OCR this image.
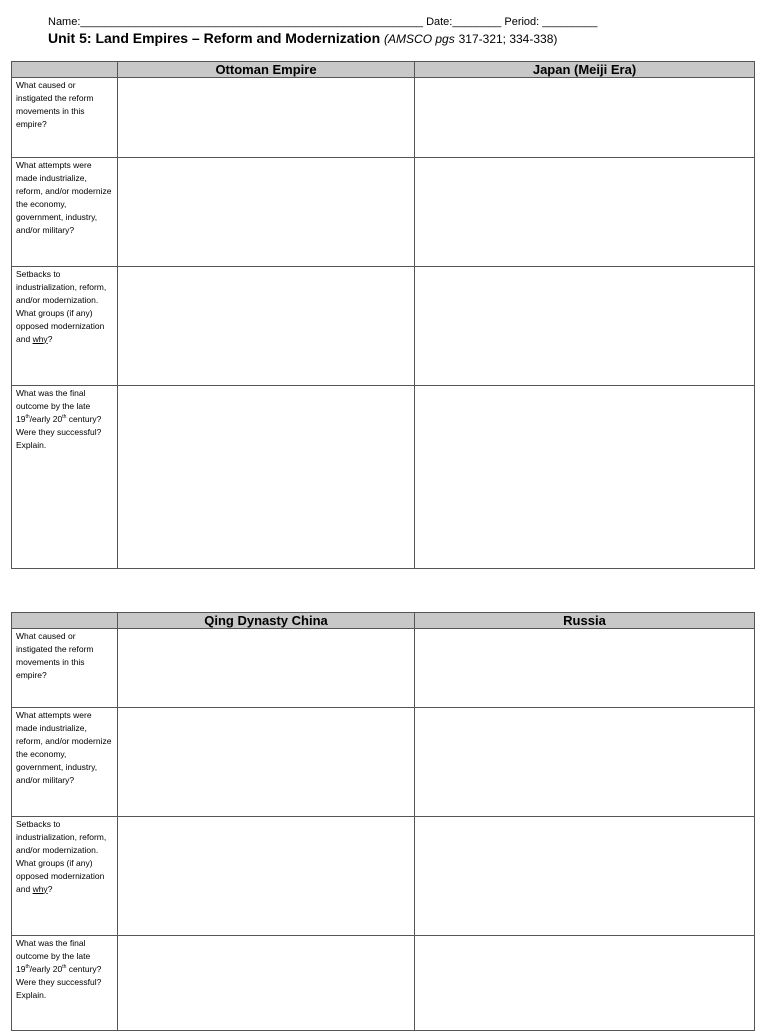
Name:________________________________________________________ Date:________ Period: _________
Unit 5: Land Empires – Reform and Modernization (AMSCO pgs 317-321; 334-338)
	Ottoman Empire	Japan (Meiji Era)
What caused or instigated the reform movements in this empire?		
What attempts were made industrialize, reform, and/or modernize the economy, government, industry, and/or military?		
Setbacks to industrialization, reform, and/or modernization. What groups (if any) opposed modernization and why?		
What was the final outcome by the late 19th/early 20th century? Were they successful? Explain.		
	Qing Dynasty China	Russia
What caused or instigated the reform movements in this empire?		
What attempts were made industrialize, reform, and/or modernize the economy, government, industry, and/or military?		
Setbacks to industrialization, reform, and/or modernization. What groups (if any) opposed modernization and why?		
What was the final outcome by the late 19th/early 20th century? Were they successful? Explain.		
